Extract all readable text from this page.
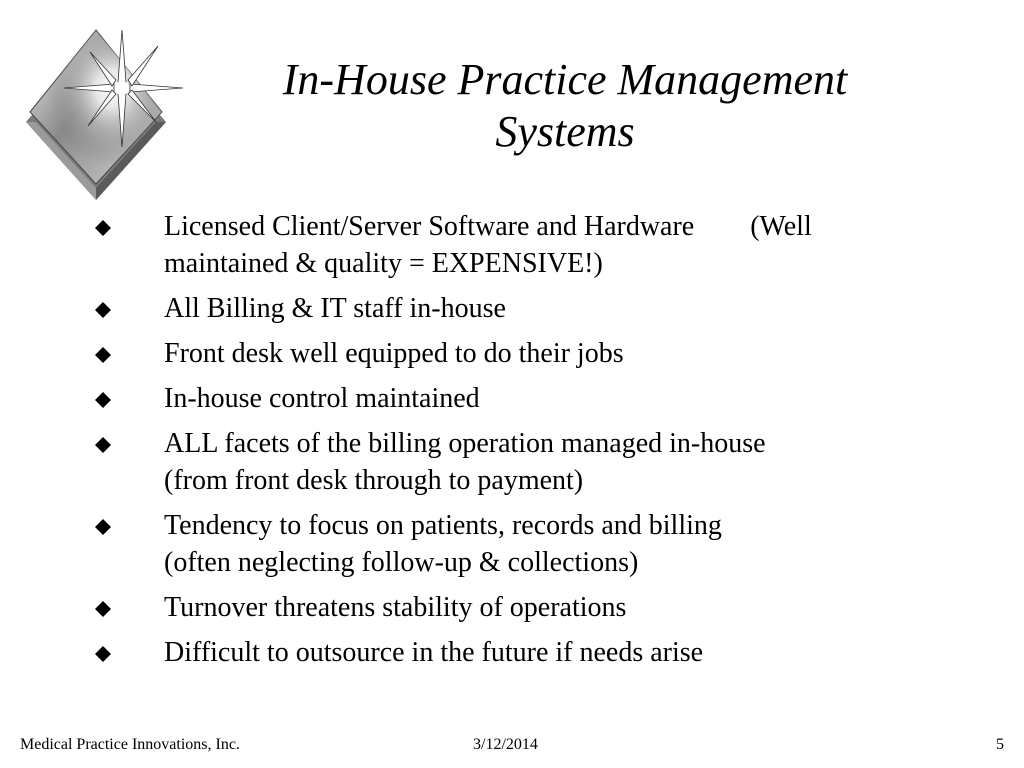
In-House Practice Management
Systems
Licensed Client/Server Software and Hardware        (Well
maintained & quality = EXPENSIVE!)
All Billing & IT staff in-house
Front desk well equipped to do their jobs
In-house control maintained
ALL facets of the billing operation managed in-house
(from front desk through to payment)
Tendency to focus on patients, records and billing
(often neglecting follow-up & collections)
Turnover threatens stability of operations
Difficult to outsource in the future if needs arise
Medical Practice Innovations, Inc.	3/12/2014	5
